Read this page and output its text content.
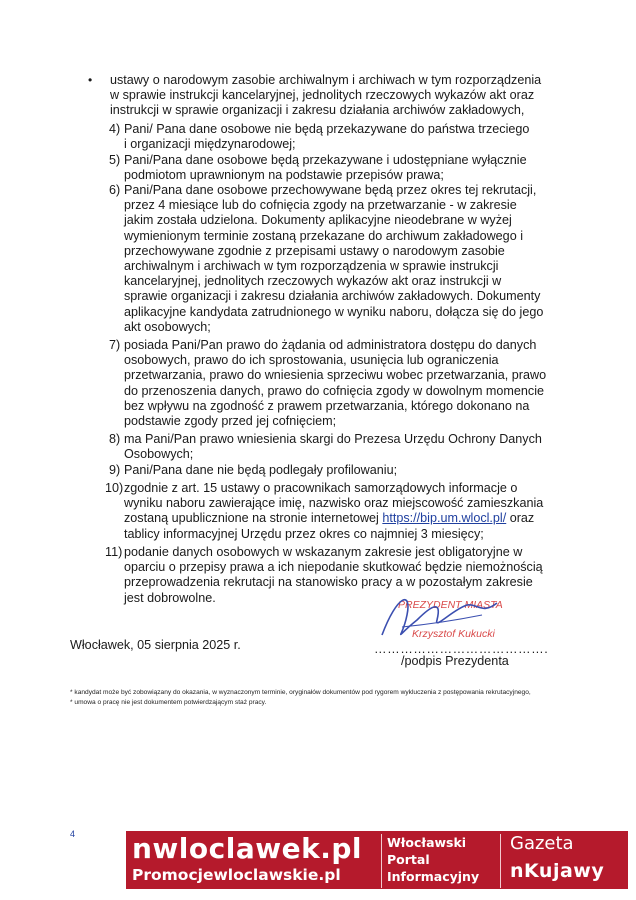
• ustawy o narodowym zasobie archiwalnym i archiwach w tym rozporządzenia
w sprawie instrukcji kancelaryjnej, jednolitych rzeczowych wykazów akt oraz
instrukcji w sprawie organizacji i zakresu działania archiwów zakładowych,
4) Pani/ Pana dane osobowe nie będą przekazywane do państwa trzeciego
i organizacji międzynarodowej;
5) Pani/Pana dane osobowe będą przekazywane i udostępniane wyłącznie
podmiotom uprawnionym na podstawie przepisów prawa;
6) Pani/Pana dane osobowe przechowywane będą przez okres tej rekrutacji,
przez 4 miesiące lub do cofnięcia zgody na przetwarzanie - w zakresie
jakim została udzielona. Dokumenty aplikacyjne nieodebrane w wyżej
wymienionym terminie zostaną przekazane do archiwum zakładowego i
przechowywane zgodnie z przepisami ustawy o narodowym zasobie
archiwalnym i archiwach w tym rozporządzenia w sprawie instrukcji
kancelaryjnej, jednolitych rzeczowych wykazów akt oraz instrukcji w
sprawie organizacji i zakresu działania archiwów zakładowych. Dokumenty
aplikacyjne kandydata zatrudnionego w wyniku naboru, dołącza się do jego
akt osobowych;
7) posiada Pani/Pan prawo do żądania od administratora dostępu do danych
osobowych, prawo do ich sprostowania, usunięcia lub ograniczenia
przetwarzania, prawo do wniesienia sprzeciwu wobec przetwarzania, prawo
do przenoszenia danych, prawo do cofnięcia zgody w dowolnym momencie
bez wpływu na zgodność z prawem przetwarzania, którego dokonano na
podstawie zgody przed jej cofnięciem;
8) ma Pani/Pan prawo wniesienia skargi do Prezesa Urzędu Ochrony Danych
Osobowych;
9) Pani/Pana dane nie będą podlegały profilowaniu;
10) zgodnie z art. 15 ustawy o pracownikach samorządowych informacje o
wyniku naboru zawierające imię, nazwisko oraz miejscowość zamieszkania
zostaną upublicznione na stronie internetowej https://bip.um.wlocl.pl/ oraz
tablicy informacyjnej Urzędu przez okres co najmniej 3 miesięcy;
11) podanie danych osobowych w wskazanym zakresie jest obligatoryjne w
oparciu o przepisy prawa a ich niepodanie skutkować będzie niemożnością
przeprowadzenia rekrutacji na stanowisko pracy a w pozostałym zakresie
jest dobrowolne.
PREZYDENT MIASTA
Krzysztof Kukucki
Włocławek, 05 sierpnia 2025 r.	………………………………….
/podpis Prezydenta
* kandydat może być zobowiązany do okazania, w wyznaczonym terminie, oryginałów dokumentów pod rygorem wykluczenia z postępowania rekrutacyjnego,
* umowa o pracę nie jest dokumentem potwierdzającym staż pracy.
4 nwloclawek.pl
Promocjewloclawskie.pl
Włocławski
Portal
Informacyjny
Gazeta
nKujawy
